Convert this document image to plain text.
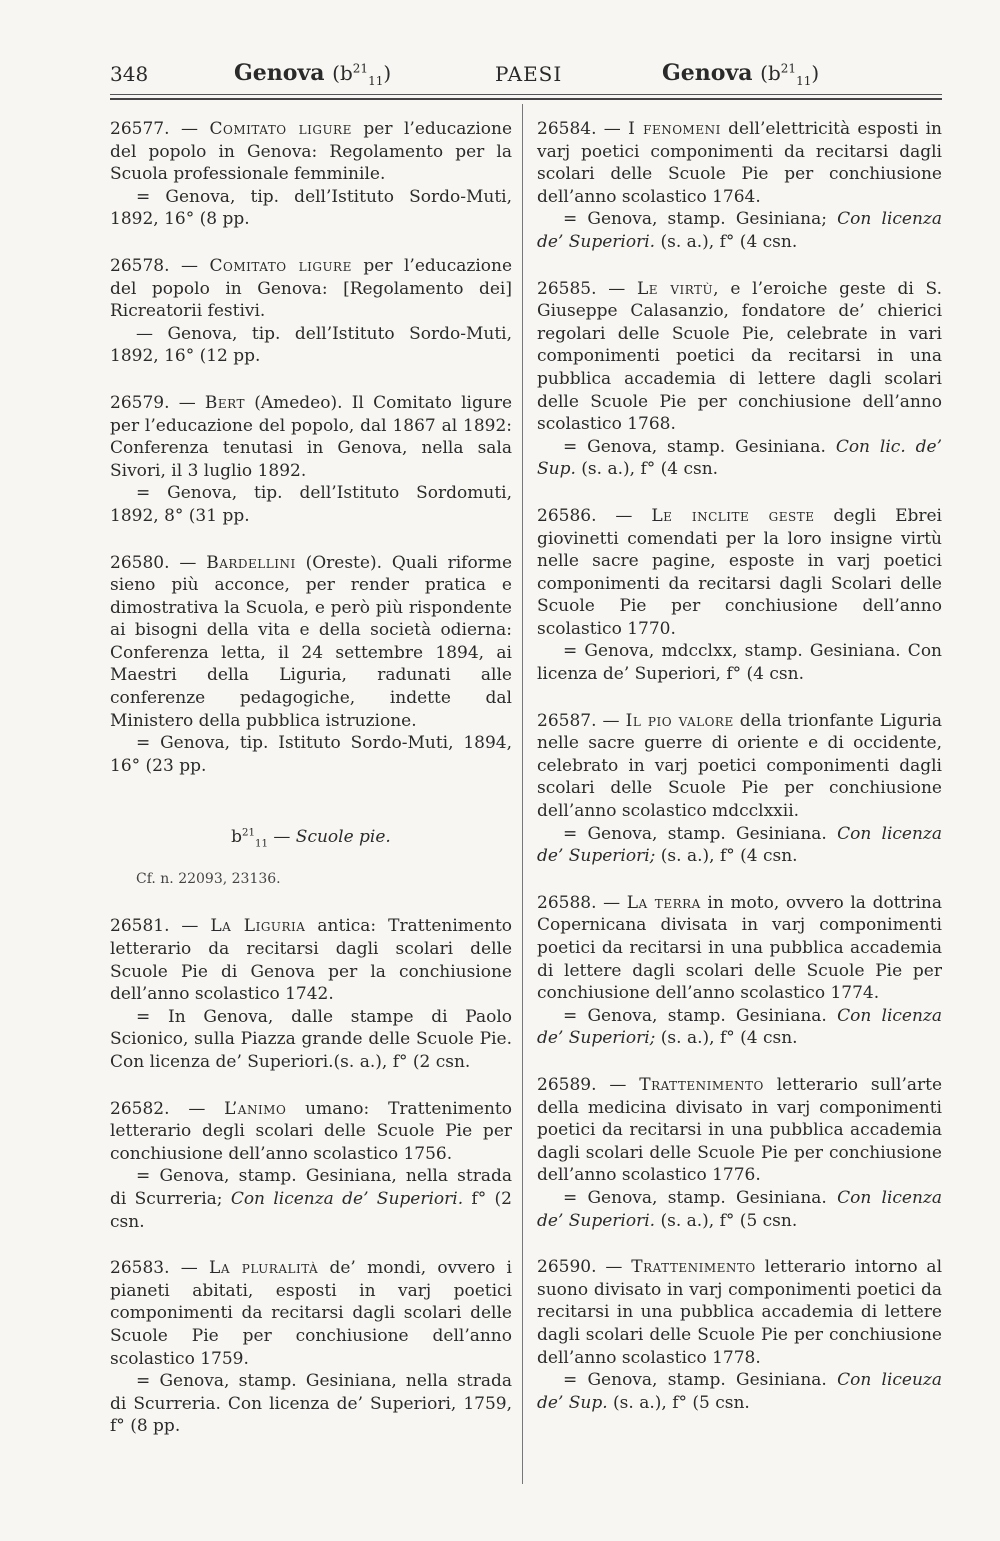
348	Genova $(b^{21}_{11})$	PAESI	Genova $(b^{21}_{11})$

26577. — Comitato ligure per l’educazione del popolo in Genova: Regolamento per la Scuola professionale femminile.

= Genova, tip. dell’Istituto Sordo-Muti, 1892, 16° (8 pp.

26578. — Comitato ligure per l’educazione del popolo in Genova: [Regolamento dei] Ricreatorii festivi.

— Genova, tip. dell’Istituto Sordo-Muti, 1892, 16° (12 pp.

26579. — Bert (Amedeo). Il Comitato ligure per l’educazione del popolo, dal 1867 al 1892: Conferenza tenutasi in Genova, nella sala Sivori, il 3 luglio 1892.

= Genova, tip. dell’Istituto Sordomuti, 1892, 8° (31 pp.

26580. — Bardellini (Oreste). Quali riforme sieno più acconce, per render pratica e dimostrativa la Scuola, e però più rispondente ai bisogni della vita e della società odierna: Conferenza letta, il 24 settembre 1894, ai Maestri della Liguria, radunati alle conferenze pedagogiche, indette dal Ministero della pubblica istruzione.

= Genova, tip. Istituto Sordo-Muti, 1894, 16° (23 pp.

$b^{21}_{11}$ — Scuole pie.
Cf. n. 22093, 23136.

26581. — La Liguria antica: Trattenimento letterario da recitarsi dagli scolari delle Scuole Pie di Genova per la conchiusione dell’anno scolastico 1742.

= In Genova, dalle stampe di Paolo Scionico, sulla Piazza grande delle Scuole Pie. Con licenza de’ Superiori.(s. a.), f° (2 csn.

26582. — L’animo umano: Trattenimento letterario degli scolari delle Scuole Pie per conchiusione dell’anno scolastico 1756.

= Genova, stamp. Gesiniana, nella strada di Scurreria; Con licenza de’ Superiori. f° (2 csn.

26583. — La pluralità de’ mondi, ovvero i pianeti abitati, esposti in varj poetici componimenti da recitarsi dagli scolari delle Scuole Pie per conchiusione dell’anno scolastico 1759.

= Genova, stamp. Gesiniana, nella strada di Scurreria. Con licenza de’ Superiori, 1759, f° (8 pp.

26584. — I fenomeni dell’elettricità esposti in varj poetici componimenti da recitarsi dagli scolari delle Scuole Pie per conchiusione dell’anno scolastico 1764.

= Genova, stamp. Gesiniana; Con licenza de’ Superiori. (s. a.), f° (4 csn.

26585. — Le virtù, e l’eroiche geste di S. Giuseppe Calasanzio, fondatore de’ chierici regolari delle Scuole Pie, celebrate in vari componimenti poetici da recitarsi in una pubblica accademia di lettere dagli scolari delle Scuole Pie per conchiusione dell’anno scolastico 1768.

= Genova, stamp. Gesiniana. Con lic. de’ Sup. (s. a.), f° (4 csn.

26586. — Le inclite geste degli Ebrei giovinetti comendati per la loro insigne virtù nelle sacre pagine, esposte in varj poetici componimenti da recitarsi dagli Scolari delle Scuole Pie per conchiusione dell’anno scolastico 1770.

= Genova, mdcclxx, stamp. Gesiniana. Con licenza de’ Superiori, f° (4 csn.

26587. — Il pio valore della trionfante Liguria nelle sacre guerre di oriente e di occidente, celebrato in varj poetici componimenti dagli scolari delle Scuole Pie per conchiusione dell’anno scolastico mdcclxxii.

= Genova, stamp. Gesiniana. Con licenza de’ Superiori; (s. a.), f° (4 csn.

26588. — La terra in moto, ovvero la dottrina Copernicana divisata in varj componimenti poetici da recitarsi in una pubblica accademia di lettere dagli scolari delle Scuole Pie per conchiusione dell’anno scolastico 1774.

= Genova, stamp. Gesiniana. Con licenza de’ Superiori; (s. a.), f° (4 csn.

26589. — Trattenimento letterario sull’arte della medicina divisato in varj componimenti poetici da recitarsi in una pubblica accademia dagli scolari delle Scuole Pie per conchiusione dell’anno scolastico 1776.

= Genova, stamp. Gesiniana. Con licenza de’ Superiori. (s. a.), f° (5 csn.

26590. — Trattenimento letterario intorno al suono divisato in varj componimenti poetici da recitarsi in una pubblica accademia di lettere dagli scolari delle Scuole Pie per conchiusione dell’anno scolastico 1778.

= Genova, stamp. Gesiniana. Con liceuza de’ Sup. (s. a.), f° (5 csn.
